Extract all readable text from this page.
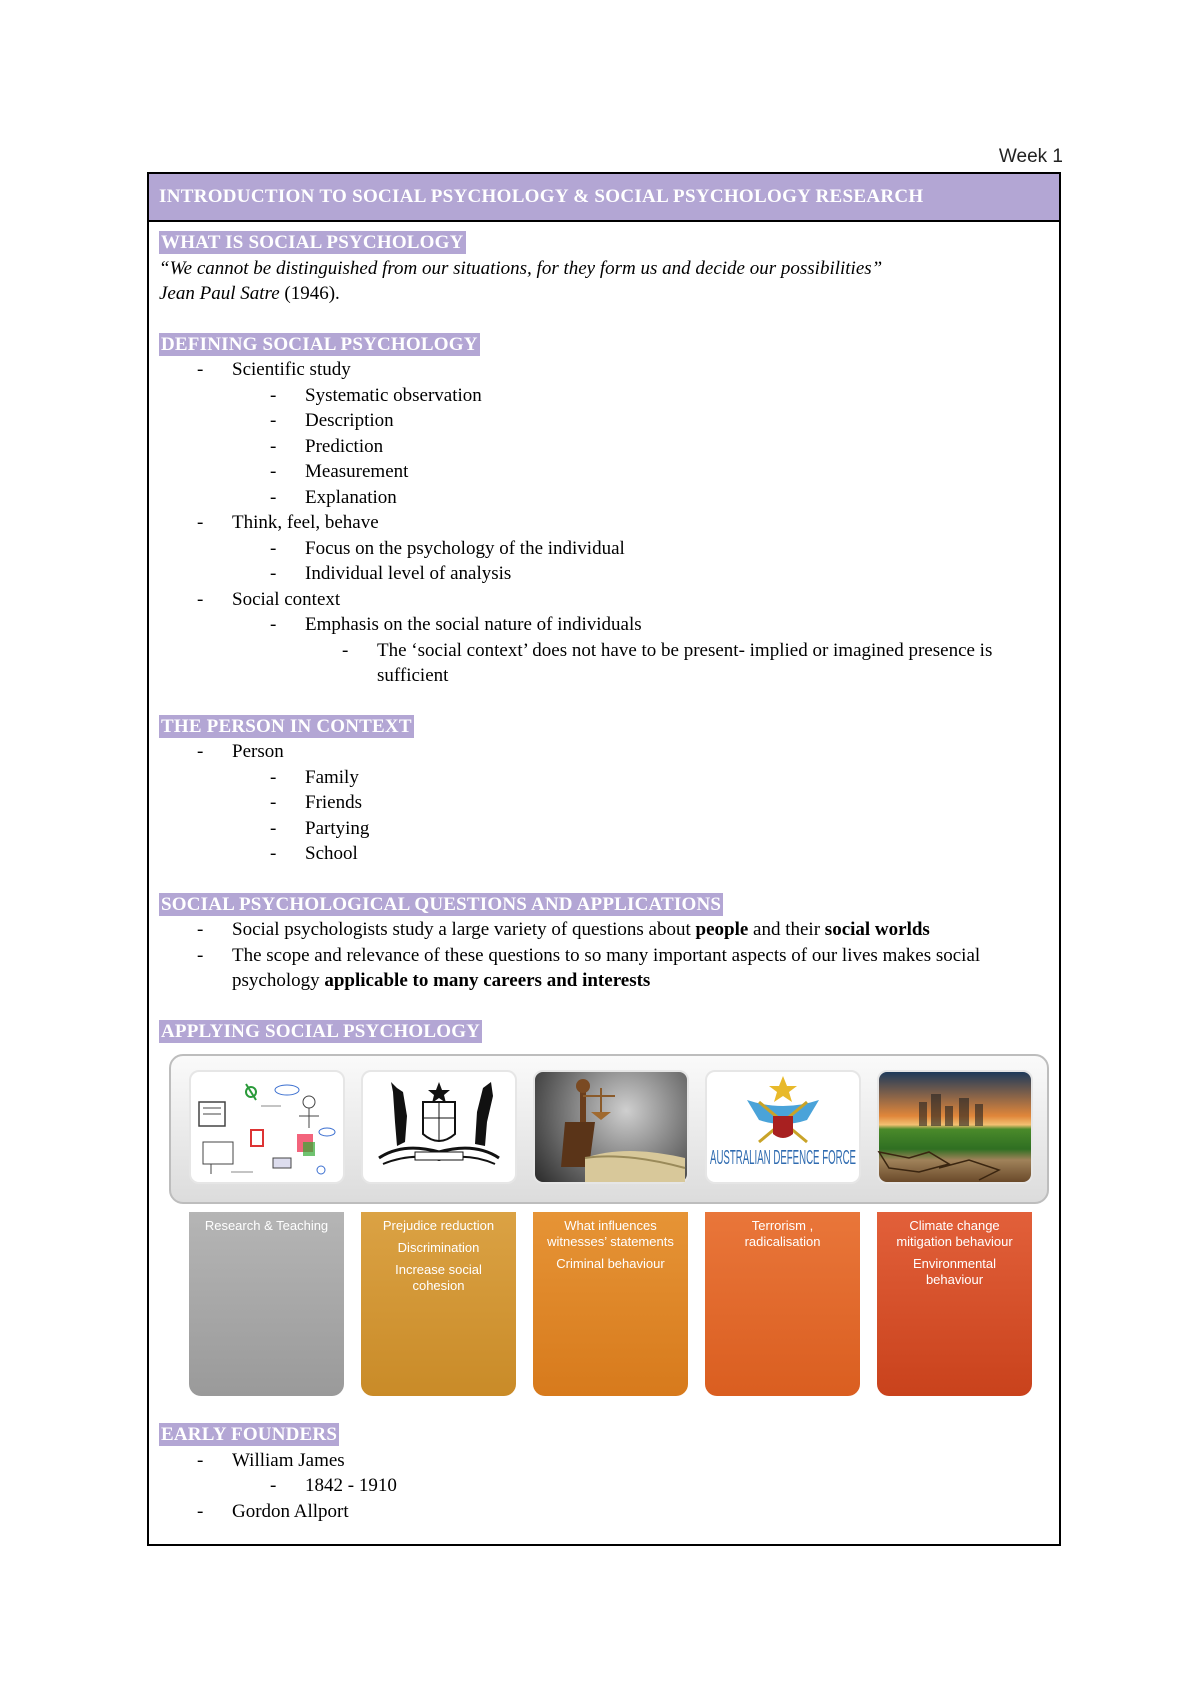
Week 1
INTRODUCTION TO SOCIAL PSYCHOLOGY & SOCIAL PSYCHOLOGY RESEARCH
WHAT IS SOCIAL PSYCHOLOGY
“We cannot be distinguished from our situations, for they form us and decide our possibilities”
Jean Paul Satre (1946).
DEFINING SOCIAL PSYCHOLOGY
- Scientific study
- Systematic observation
- Description
- Prediction
- Measurement
- Explanation
- Think, feel, behave
- Focus on the psychology of the individual
- Individual level of analysis
- Social context
- Emphasis on the social nature of individuals
- The ‘social context’ does not have to be present- implied or imagined presence is sufficient
THE PERSON IN CONTEXT
- Person
- Family
- Friends
- Partying
- School
SOCIAL PSYCHOLOGICAL QUESTIONS AND APPLICATIONS
- Social psychologists study a large variety of questions about people and their social worlds
- The scope and relevance of these questions to so many important aspects of our lives makes social psychology applicable to many careers and interests
APPLYING SOCIAL PSYCHOLOGY
AUSTRALIAN DEFENCE FORCE
Research & Teaching	Prejudice reduction
Discrimination
Increase social cohesion
What influences witnesses’ statements
Criminal behaviour
Terrorism , radicalisation
Climate change mitigation behaviour
Environmental behaviour
EARLY FOUNDERS
- William James
- 1842 - 1910
- Gordon Allport
